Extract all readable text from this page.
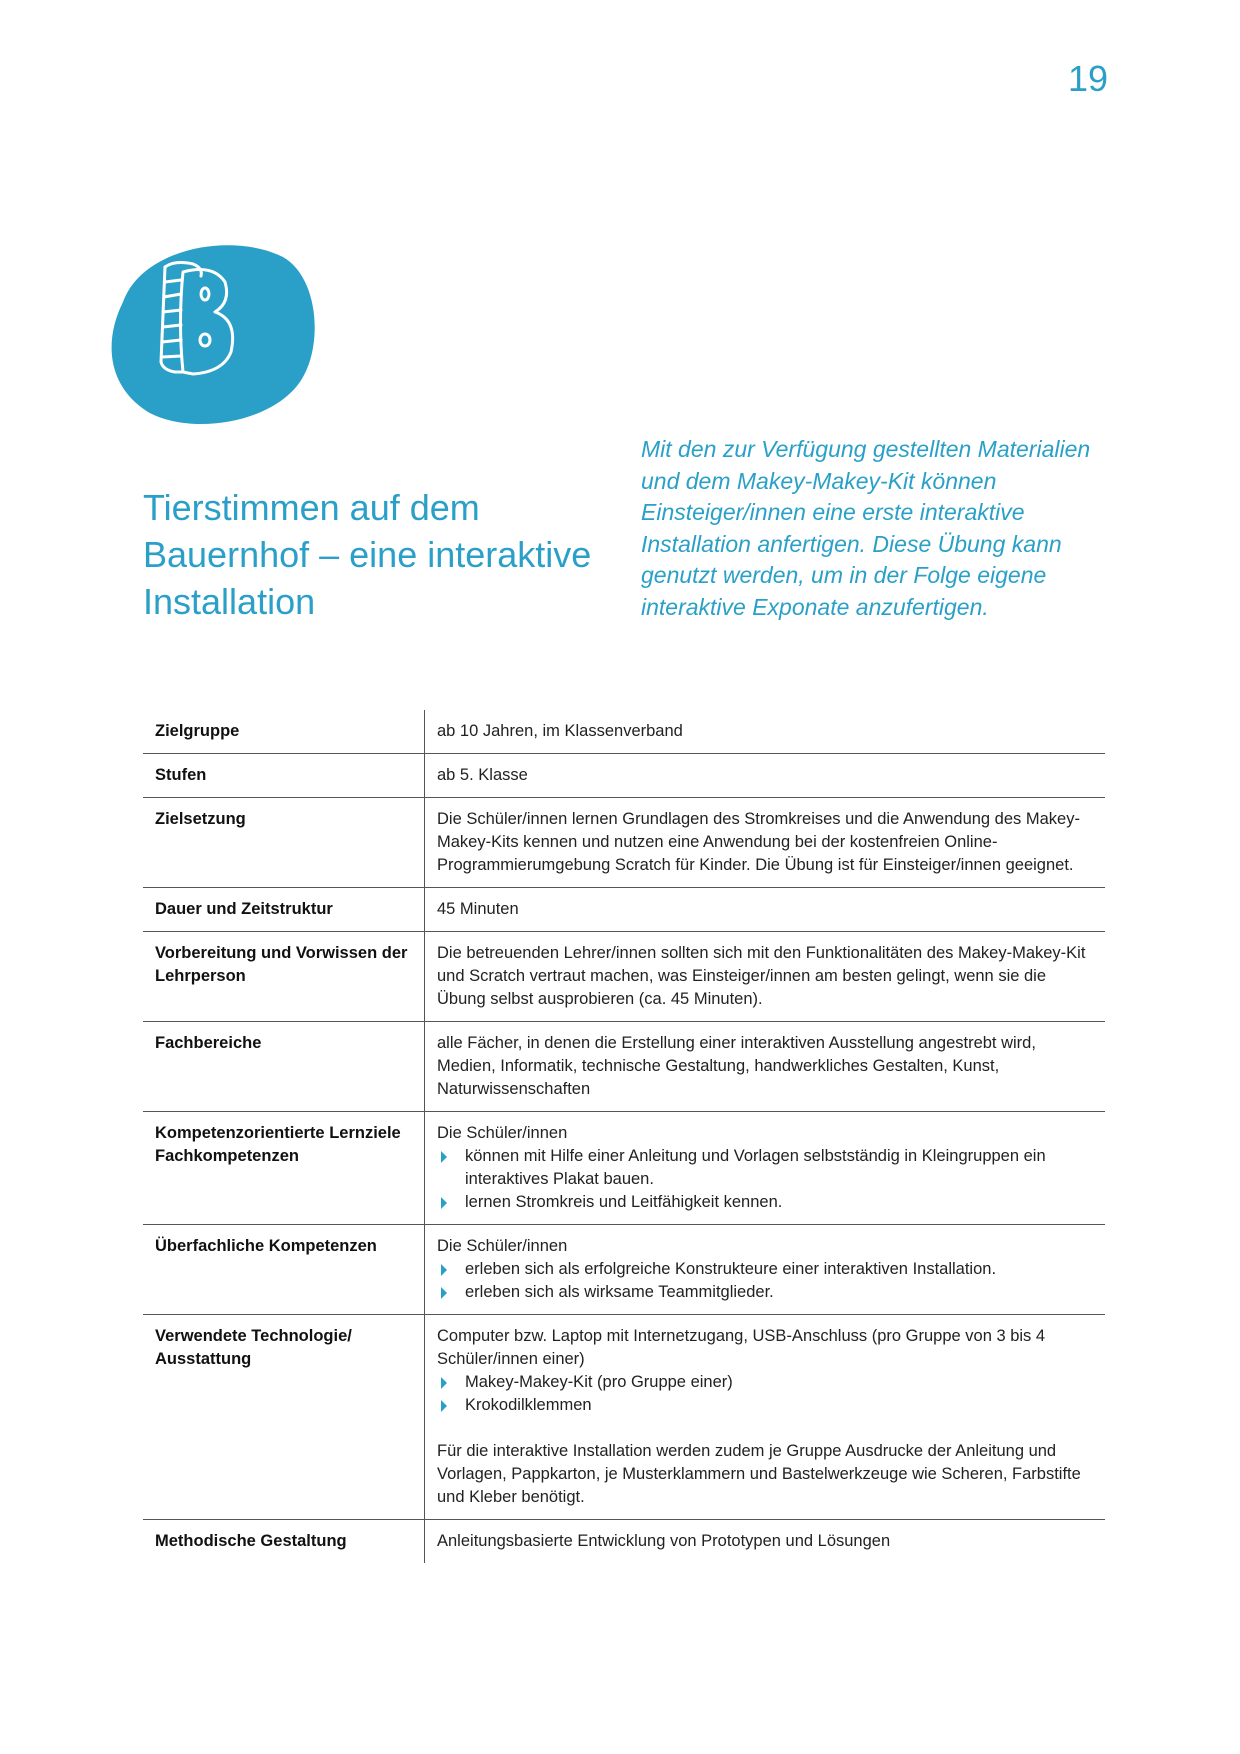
19
Tierstimmen auf dem Bauernhof – eine interaktive Installation

Mit den zur Verfügung gestellten Materialien und dem Makey-Makey-Kit können Einsteiger/innen eine erste interaktive Installation anfertigen. Diese Übung kann genutzt werden, um in der Folge eigene interaktive Exponate anzufertigen.

Zielgruppe	ab 10 Jahren, im Klassenverband

Stufen	ab 5. Klasse

Zielsetzung	Die Schüler/innen lernen Grundlagen des Stromkreises und die Anwendung des Makey-Makey-Kits kennen und nutzen eine Anwendung bei der kostenfreien Online-Programmierumgebung Scratch für Kinder. Die Übung ist für Einsteiger/innen geeignet.

Dauer und Zeitstruktur	45 Minuten

Vorbereitung und Vorwissen der Lehrperson	Die betreuenden Lehrer/innen sollten sich mit den Funktionalitäten des Makey-Makey-Kit und Scratch vertraut machen, was Einsteiger/innen am besten gelingt, wenn sie die Übung selbst ausprobieren (ca. 45 Minuten).

Fachbereiche	alle Fächer, in denen die Erstellung einer interaktiven Ausstellung angestrebt wird, Medien, Informatik, technische Gestaltung, handwerkliches Gestalten, Kunst, Naturwissenschaften

Kompetenzorientierte Lernziele Fachkompetenzen	Die Schüler/innen
können mit Hilfe einer Anleitung und Vorlagen selbstständig in Kleingruppen ein interaktives Plakat bauen.
lernen Stromkreis und Leitfähigkeit kennen.

Überfachliche Kompetenzen	Die Schüler/innen
erleben sich als erfolgreiche Konstrukteure einer interaktiven Installation.
erleben sich als wirksame Teammitglieder.

Verwendete Technologie/ Ausstattung	Computer bzw. Laptop mit Internetzugang, USB-Anschluss (pro Gruppe von 3 bis 4 Schüler/innen einer)
Makey-Makey-Kit (pro Gruppe einer)
Krokodilklemmen
Für die interaktive Installation werden zudem je Gruppe Ausdrucke der Anleitung und Vorlagen, Pappkarton, je Musterklammern und Bastelwerkzeuge wie Scheren, Farbstifte und Kleber benötigt.

Methodische Gestaltung	Anleitungsbasierte Entwicklung von Prototypen und Lösungen
